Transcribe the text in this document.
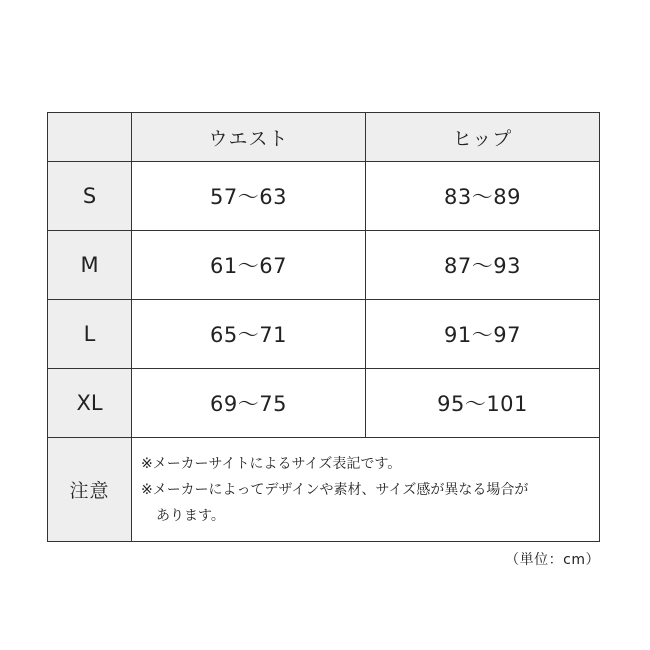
	ウエスト	ヒップ
S	57〜63	83〜89
M	61〜67	87〜93
L	65〜71	91〜97
XL	69〜75	95〜101
注意	※メーカーサイトによるサイズ表記です。
※メーカーによってデザインや素材、サイズ感が異なる場合が
あります。	
（単位：cm）
